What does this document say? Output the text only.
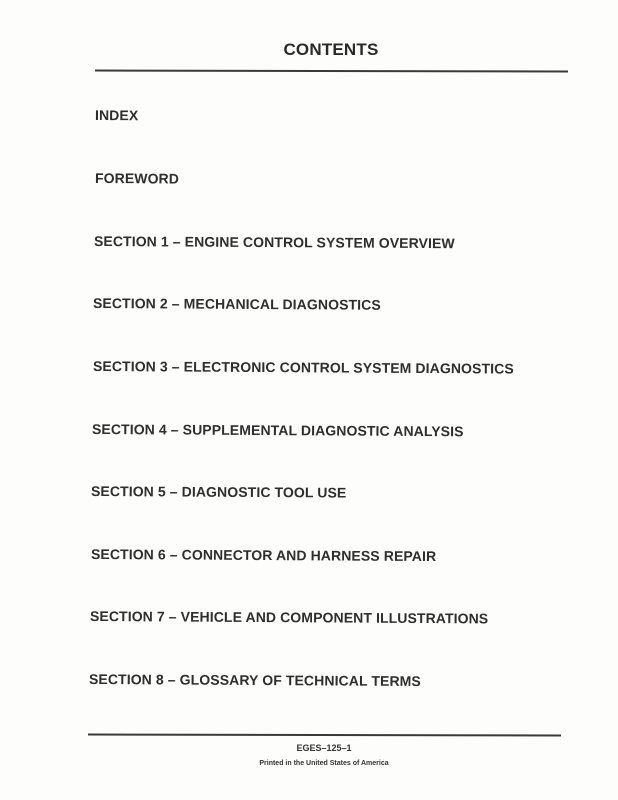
CONTENTS
INDEX
FOREWORD
SECTION 1 – ENGINE CONTROL SYSTEM OVERVIEW
SECTION 2 – MECHANICAL DIAGNOSTICS
SECTION 3 – ELECTRONIC CONTROL SYSTEM DIAGNOSTICS
SECTION 4 – SUPPLEMENTAL DIAGNOSTIC ANALYSIS
SECTION 5 – DIAGNOSTIC TOOL USE
SECTION 6 – CONNECTOR AND HARNESS REPAIR
SECTION 7 – VEHICLE AND COMPONENT ILLUSTRATIONS
SECTION 8 – GLOSSARY OF TECHNICAL TERMS
EGES–125–1
Printed in the United States of America
